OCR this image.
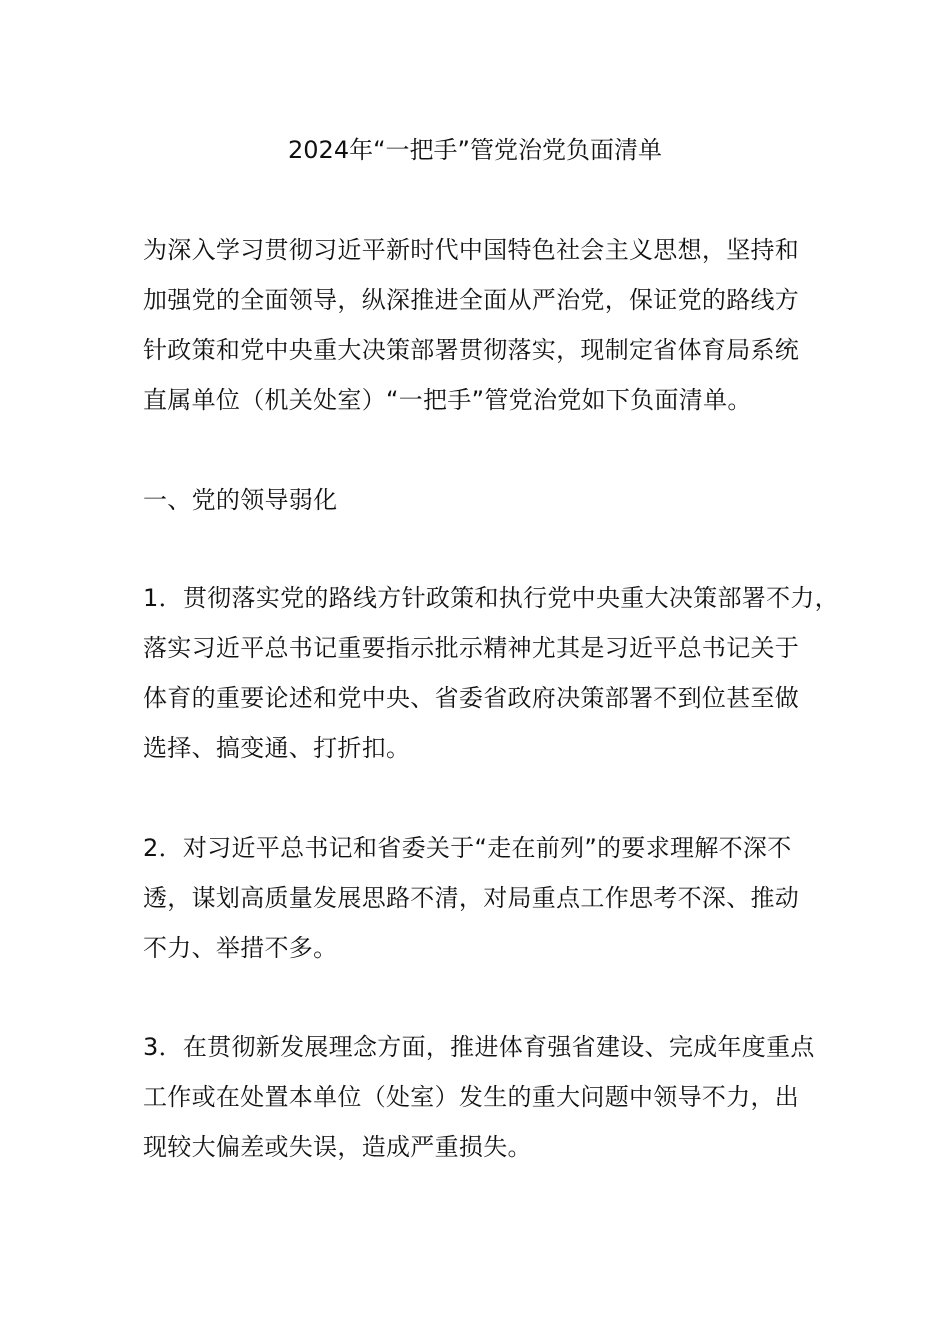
2024年“一把手”管党治党负面清单

为深入学习贯彻习近平新时代中国特色社会主义思想，坚持和
加强党的全面领导，纵深推进全面从严治党，保证党的路线方
针政策和党中央重大决策部署贯彻落实，现制定省体育局系统
直属单位（机关处室）“一把手”管党治党如下负面清单。

一、党的领导弱化

1．贯彻落实党的路线方针政策和执行党中央重大决策部署不力，
落实习近平总书记重要指示批示精神尤其是习近平总书记关于
体育的重要论述和党中央、省委省政府决策部署不到位甚至做
选择、搞变通、打折扣。

2．对习近平总书记和省委关于“走在前列”的要求理解不深不
透，谋划高质量发展思路不清，对局重点工作思考不深、推动
不力、举措不多。

3．在贯彻新发展理念方面，推进体育强省建设、完成年度重点
工作或在处置本单位（处室）发生的重大问题中领导不力，出
现较大偏差或失误，造成严重损失。
